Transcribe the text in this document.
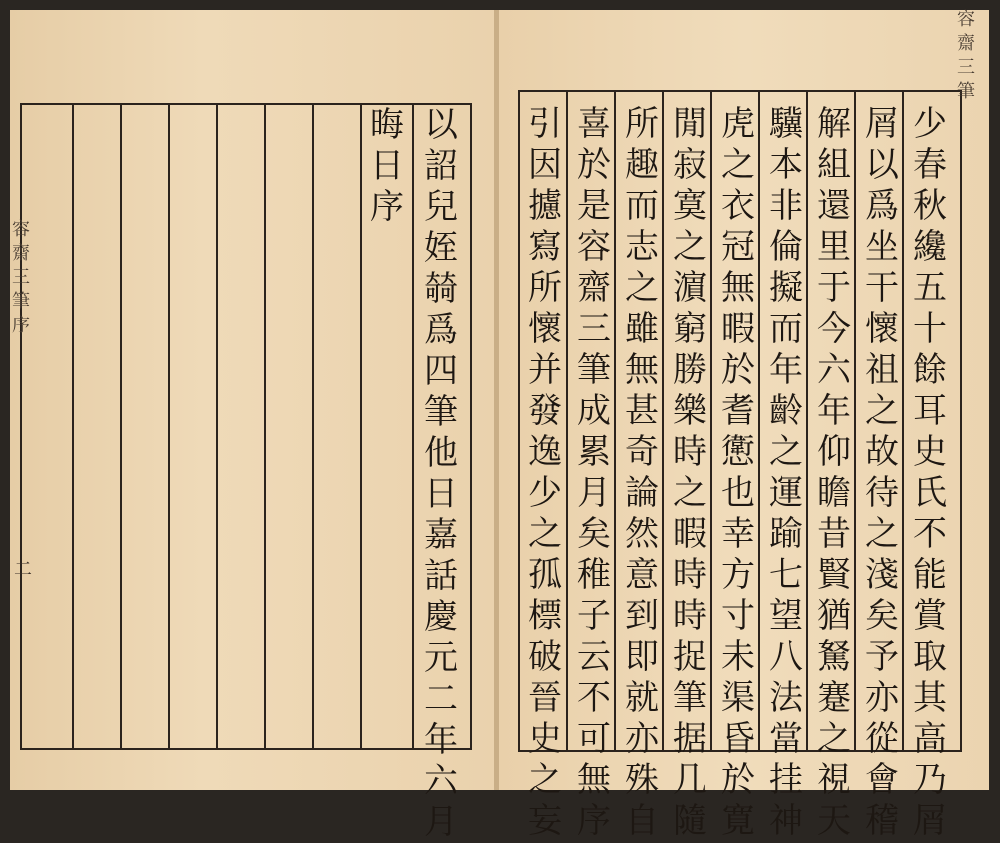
以
詔
兒
姪
㚡
爲
四
筆
他
日
嘉
話
慶
元
二
年
六
月
晦
日
序
容
齋
三
筆
序
二
少
春
秋
纔
五
十
餘
耳
史
氏
不
能
賞
取
其
高
乃
屑
屑
以
爲
坐
干
懷
祖
之
故
待
之
淺
矣
予
亦
從
會
稽
解
組
還
里
于
今
六
年
仰
瞻
昔
賢
猶
駑
蹇
之
視
天
驥
本
非
倫
擬
而
年
齡
之
運
踰
七
望
八
法
當
挂
神
虎
之
衣
冠
無
暇
於
耆
㦣
也
幸
方
寸
未
渠
昏
於
寛
閒
寂
寞
之
濵
窮
勝
樂
時
之
暇
時
時
捉
筆
据
几
隨
所
趣
而
志
之
雖
無
甚
奇
論
然
意
到
即
就
亦
殊
自
喜
於
是
容
齋
三
筆
成
累
月
矣
稚
子
云
不
可
無
序
引
因
攄
寫
所
懷
并
發
逸
少
之
孤
標
破
晉
史
之
妄
容
齋
三
筆
